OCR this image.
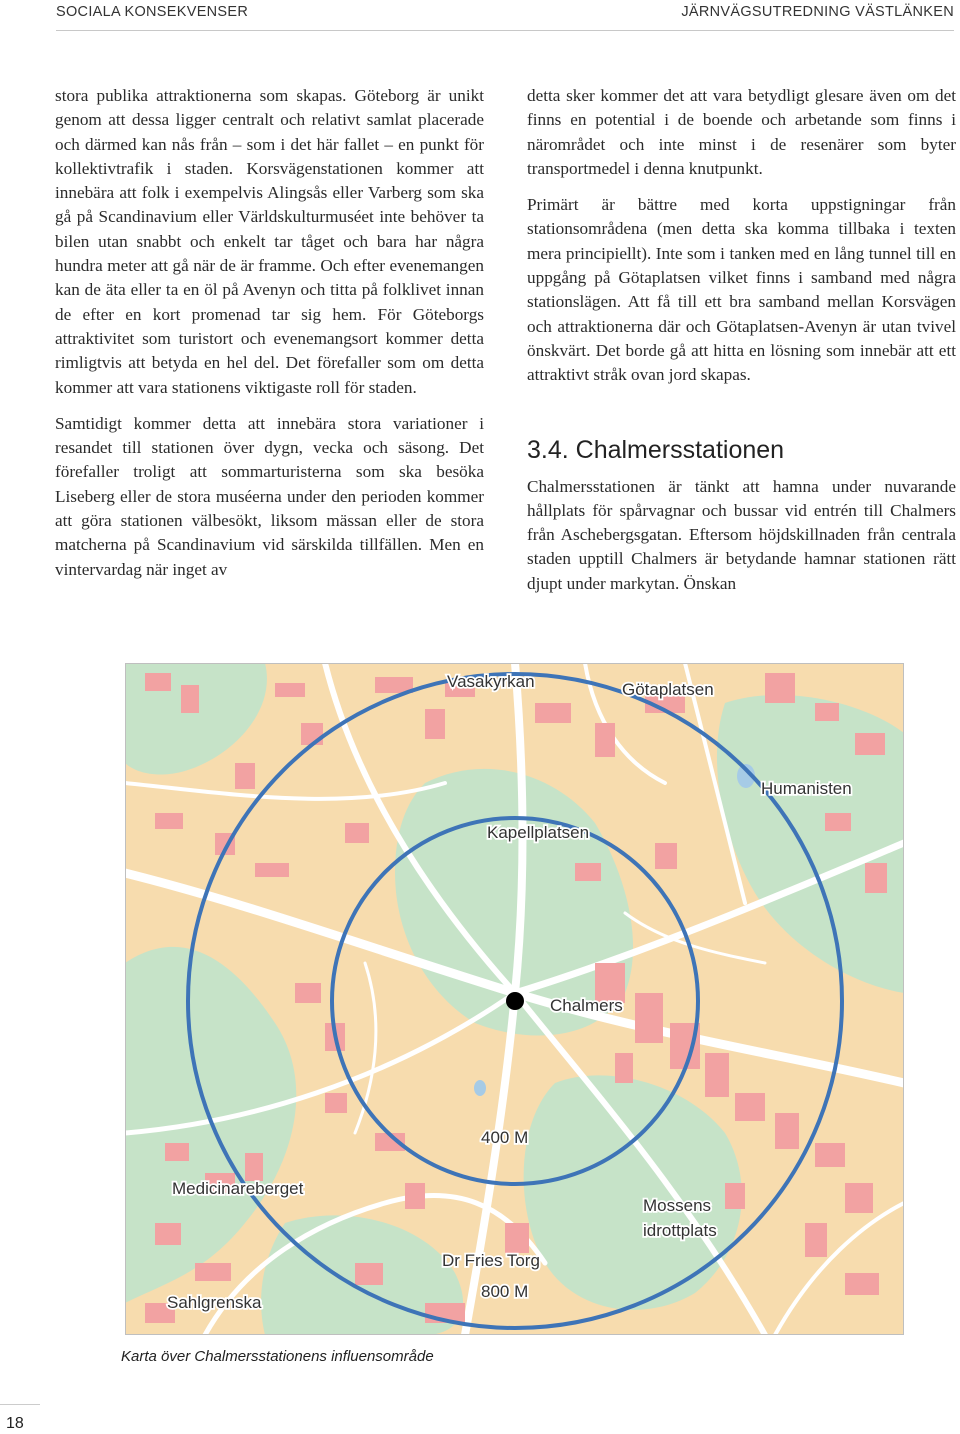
SOCIALA KONSEKVENSER	JÄRNVÄGSUTREDNING VÄSTLÄNKEN

stora publika attraktionerna som skapas. Göteborg är unikt genom att dessa ligger centralt och relativt samlat placerade och därmed kan nås från – som i det här fallet – en punkt för kollektivtrafik i staden. Korsvägenstationen kommer att innebära att folk i exempelvis Alingsås eller Varberg som ska gå på Scandinavium eller Världskulturmuséet inte behöver ta bilen utan snabbt och enkelt tar tåget och bara har några hundra meter att gå när de är framme. Och efter evenemangen kan de äta eller ta en öl på Avenyn och titta på folklivet innan de efter en kort promenad tar sig hem. För Göteborgs attraktivitet som turistort och evenemangsort kommer detta rimligtvis att betyda en hel del. Det förefaller som om detta kommer att vara stationens viktigaste roll för staden.

Samtidigt kommer detta att innebära stora variationer i resandet till stationen över dygn, vecka och säsong. Det förefaller troligt att sommarturisterna som ska besöka Liseberg eller de stora muséerna under den perioden kommer att göra stationen välbesökt, liksom mässan eller de stora matcherna på Scandinavium vid särskilda tillfällen. Men en vintervardag när inget av

detta sker kommer det att vara betydligt glesare även om det finns en potential i de boende och arbetande som finns i närområdet och inte minst i de resenärer som byter transportmedel i denna knutpunkt.

Primärt är bättre med korta uppstigningar från stationsområdena (men detta ska komma tillbaka i texten mera principiellt). Inte som i tanken med en lång tunnel till en uppgång på Götaplatsen vilket finns i samband med några stationslägen. Att få till ett bra samband mellan Korsvägen och attraktionerna där och Götaplatsen-Avenyn är utan tvivel önskvärt. Det borde gå att hitta en lösning som innebär att ett attraktivt stråk ovan jord skapas.

3.4. Chalmersstationen

Chalmersstationen är tänkt att hamna under nuvarande hållplats för spårvagnar och bussar vid entrén till Chalmers från Aschebergsgatan. Eftersom höjdskillnaden från centrala staden upptill Chalmers är betydande hamnar stationen rätt djupt under markytan. Önskan

Vasakyrkan	Götaplatsen
Humanisten
Kapellplatsen
Chalmers
400 M
Medicinareberget
Mossens
idrottplats
Dr Fries Torg
800 M
Sahlgrenska
Karta över Chalmersstationens influensområde
18
